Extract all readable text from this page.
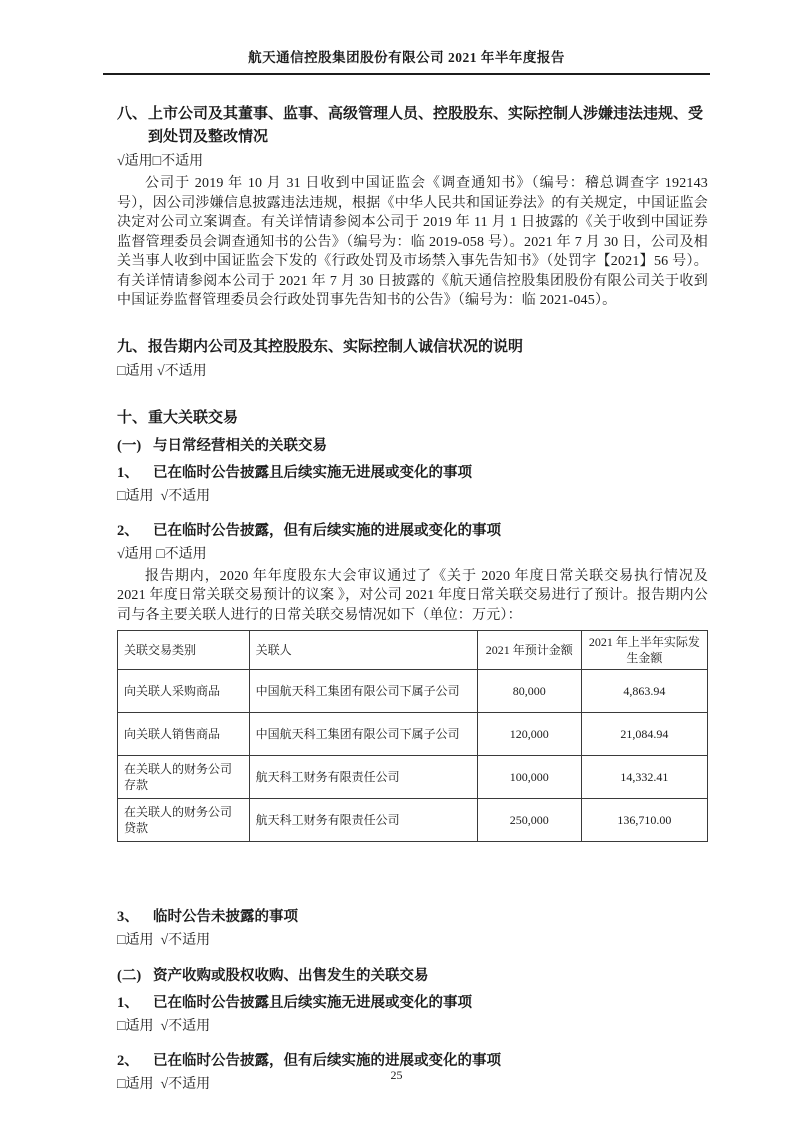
航天通信控股集团股份有限公司 2021 年半年度报告
八、 上市公司及其董事、监事、高级管理人员、控股股东、实际控制人涉嫌违法违规、受到处罚及整改情况
√适用□不适用

公司于 2019 年 10 月 31 日收到中国证监会《调查通知书》（编号：稽总调查字 192143 号），因公司涉嫌信息披露违法违规，根据《中华人民共和国证券法》的有关规定，中国证监会决定对公司立案调查。有关详情请参阅本公司于 2019 年 11 月 1 日披露的《关于收到中国证券监督管理委员会调查通知书的公告》（编号为：临 2019-058 号）。2021 年 7 月 30 日，公司及相关当事人收到中国证监会下发的《行政处罚及市场禁入事先告知书》（处罚字【2021】56 号）。有关详情请参阅本公司于 2021 年 7 月 30 日披露的《航天通信控股集团股份有限公司关于收到中国证券监督管理委员会行政处罚事先告知书的公告》（编号为：临 2021-045）。

九、 报告期内公司及其控股股东、实际控制人诚信状况的说明
□适用 √不适用
十、 重大关联交易
(一) 与日常经营相关的关联交易
1、 已在临时公告披露且后续实施无进展或变化的事项
□适用  √不适用
2、 已在临时公告披露，但有后续实施的进展或变化的事项
√适用 □不适用

报告期内，2020 年年度股东大会审议通过了《关于 2020 年度日常关联交易执行情况及 2021 年度日常关联交易预计的议案 》，对公司 2021 年度日常关联交易进行了预计。报告期内公司与各主要关联人进行的日常关联交易情况如下（单位：万元）：

关联交易类别	关联人	2021 年预计金额	2021 年上半年实际发生金额
向关联人采购商品	中国航天科工集团有限公司下属子公司	80,000	4,863.94
向关联人销售商品	中国航天科工集团有限公司下属子公司	120,000	21,084.94
在关联人的财务公司存款	航天科工财务有限责任公司	100,000	14,332.41
在关联人的财务公司贷款	航天科工财务有限责任公司	250,000	136,710.00
3、 临时公告未披露的事项
□适用  √不适用
(二) 资产收购或股权收购、出售发生的关联交易
1、 已在临时公告披露且后续实施无进展或变化的事项
□适用  √不适用
2、 已在临时公告披露，但有后续实施的进展或变化的事项
□适用  √不适用
25
